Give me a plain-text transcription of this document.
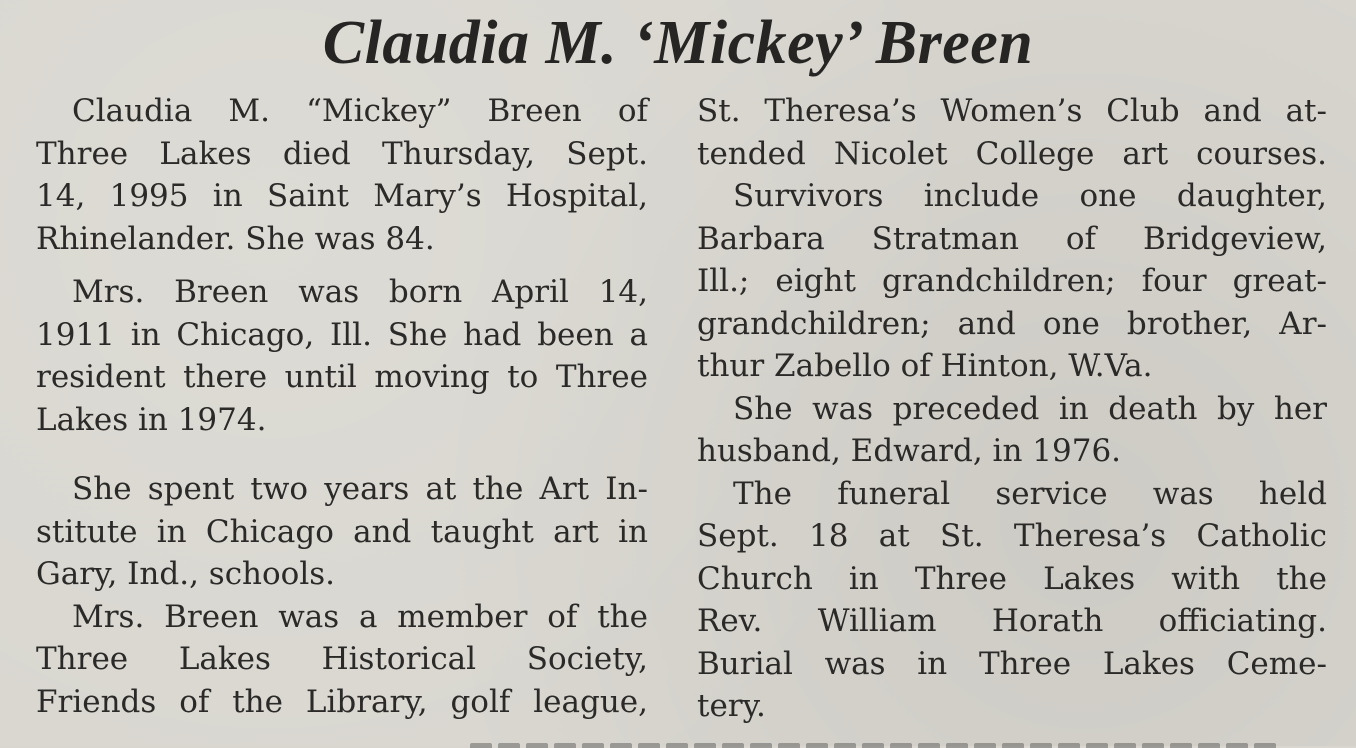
Claudia M. ‘Mickey’ Breen
Claudia M. “Mickey” Breen of
Three Lakes died Thursday, Sept.
14, 1995 in Saint Mary’s Hospital,
Rhinelander. She was 84.
Mrs. Breen was born April 14,
1911 in Chicago, Ill. She had been a
resident there until moving to Three
Lakes in 1974.
She spent two years at the Art In-
stitute in Chicago and taught art in
Gary, Ind., schools.
Mrs. Breen was a member of the
Three Lakes Historical Society,
Friends of the Library, golf league,
St. Theresa’s Women’s Club and at-
tended Nicolet College art courses.
Survivors include one daughter,
Barbara Stratman of Bridgeview,
Ill.; eight grandchildren; four great-
grandchildren; and one brother, Ar-
thur Zabello of Hinton, W.Va.
She was preceded in death by her
husband, Edward, in 1976.
The funeral service was held
Sept. 18 at St. Theresa’s Catholic
Church in Three Lakes with the
Rev. William Horath officiating.
Burial was in Three Lakes Ceme-
tery.
